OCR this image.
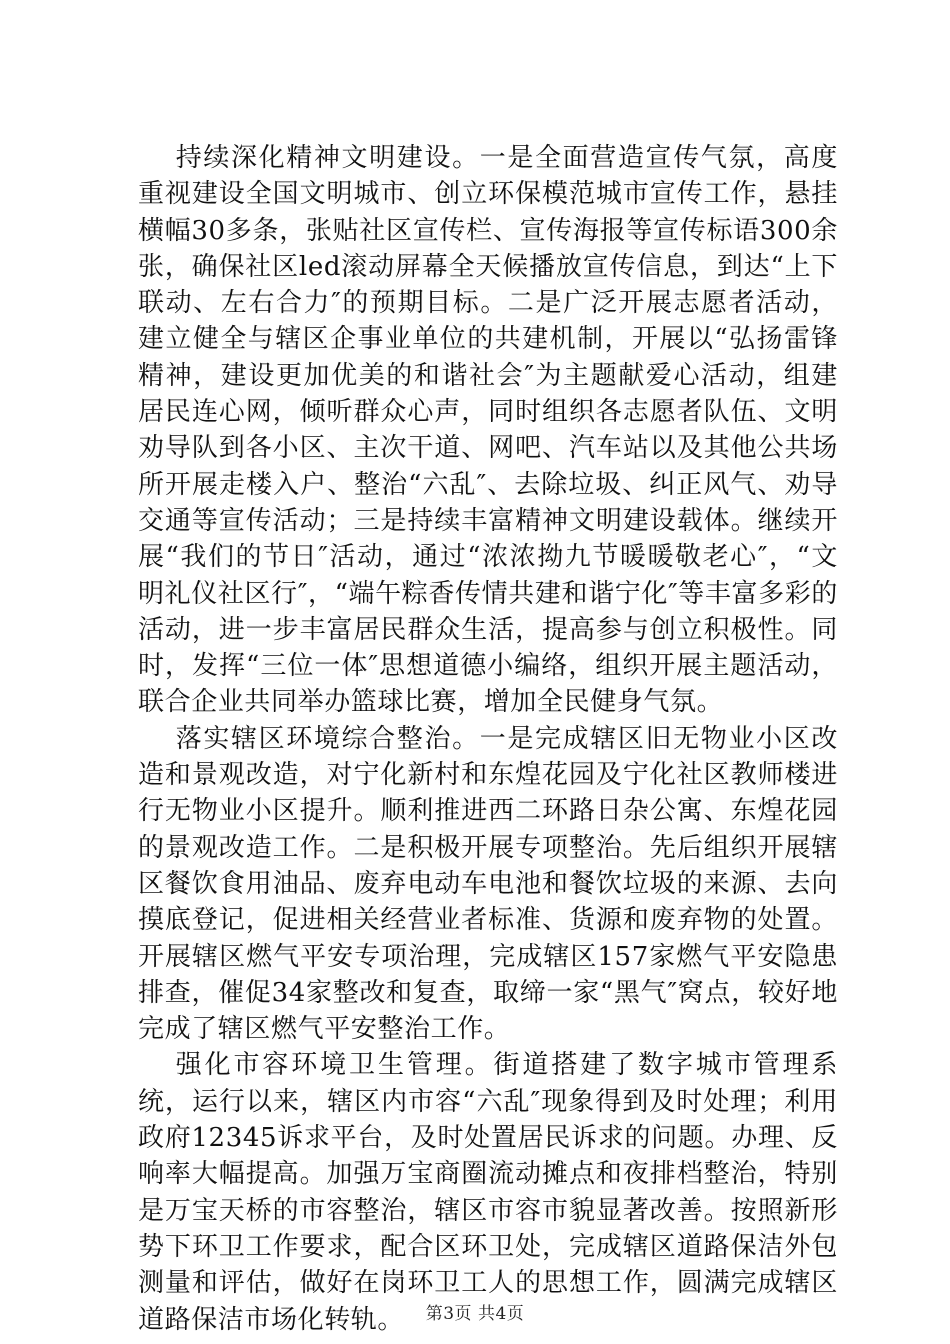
持续深化精神文明建设。一是全面营造宣传气氛，高度重视建设全国文明城市、创立环保模范城市宣传工作，悬挂横幅30多条，张贴社区宣传栏、宣传海报等宣传标语300余张，确保社区led滚动屏幕全天候播放宣传信息，到达“上下联动、左右合力″的预期目标。二是广泛开展志愿者活动，建立健全与辖区企事业单位的共建机制，开展以“弘扬雷锋精神，建设更加优美的和谐社会″为主题献爱心活动，组建居民连心网，倾听群众心声，同时组织各志愿者队伍、文明劝导队到各小区、主次干道、网吧、汽车站以及其他公共场所开展走楼入户、整治“六乱″、去除垃圾、纠正风气、劝导交通等宣传活动；三是持续丰富精神文明建设载体。继续开展“我们的节日″活动，通过“浓浓拗九节暖暖敬老心″，“文明礼仪社区行″，“端午粽香传情共建和谐宁化″等丰富多彩的活动，进一步丰富居民群众生活，提高参与创立积极性。同时，发挥“三位一体″思想道德小编络，组织开展主题活动，联合企业共同举办篮球比赛，增加全民健身气氛。

落实辖区环境综合整治。一是完成辖区旧无物业小区改造和景观改造，对宁化新村和东煌花园及宁化社区教师楼进行无物业小区提升。顺利推进西二环路日杂公寓、东煌花园的景观改造工作。二是积极开展专项整治。先后组织开展辖区餐饮食用油品、废弃电动车电池和餐饮垃圾的来源、去向摸底登记，促进相关经营业者标准、货源和废弃物的处置。开展辖区燃气平安专项治理，完成辖区157家燃气平安隐患排查，催促34家整改和复查，取缔一家“黑气″窝点，较好地完成了辖区燃气平安整治工作。

强化市容环境卫生管理。街道搭建了数字城市管理系统，运行以来，辖区内市容“六乱″现象得到及时处理；利用政府12345诉求平台，及时处置居民诉求的问题。办理、反响率大幅提高。加强万宝商圈流动摊点和夜排档整治，特别是万宝天桥的市容整治，辖区市容市貌显著改善。按照新形势下环卫工作要求，配合区环卫处，完成辖区道路保洁外包测量和评估，做好在岗环卫工人的思想工作，圆满完成辖区道路保洁市场化转轨。	第3页 共4页
